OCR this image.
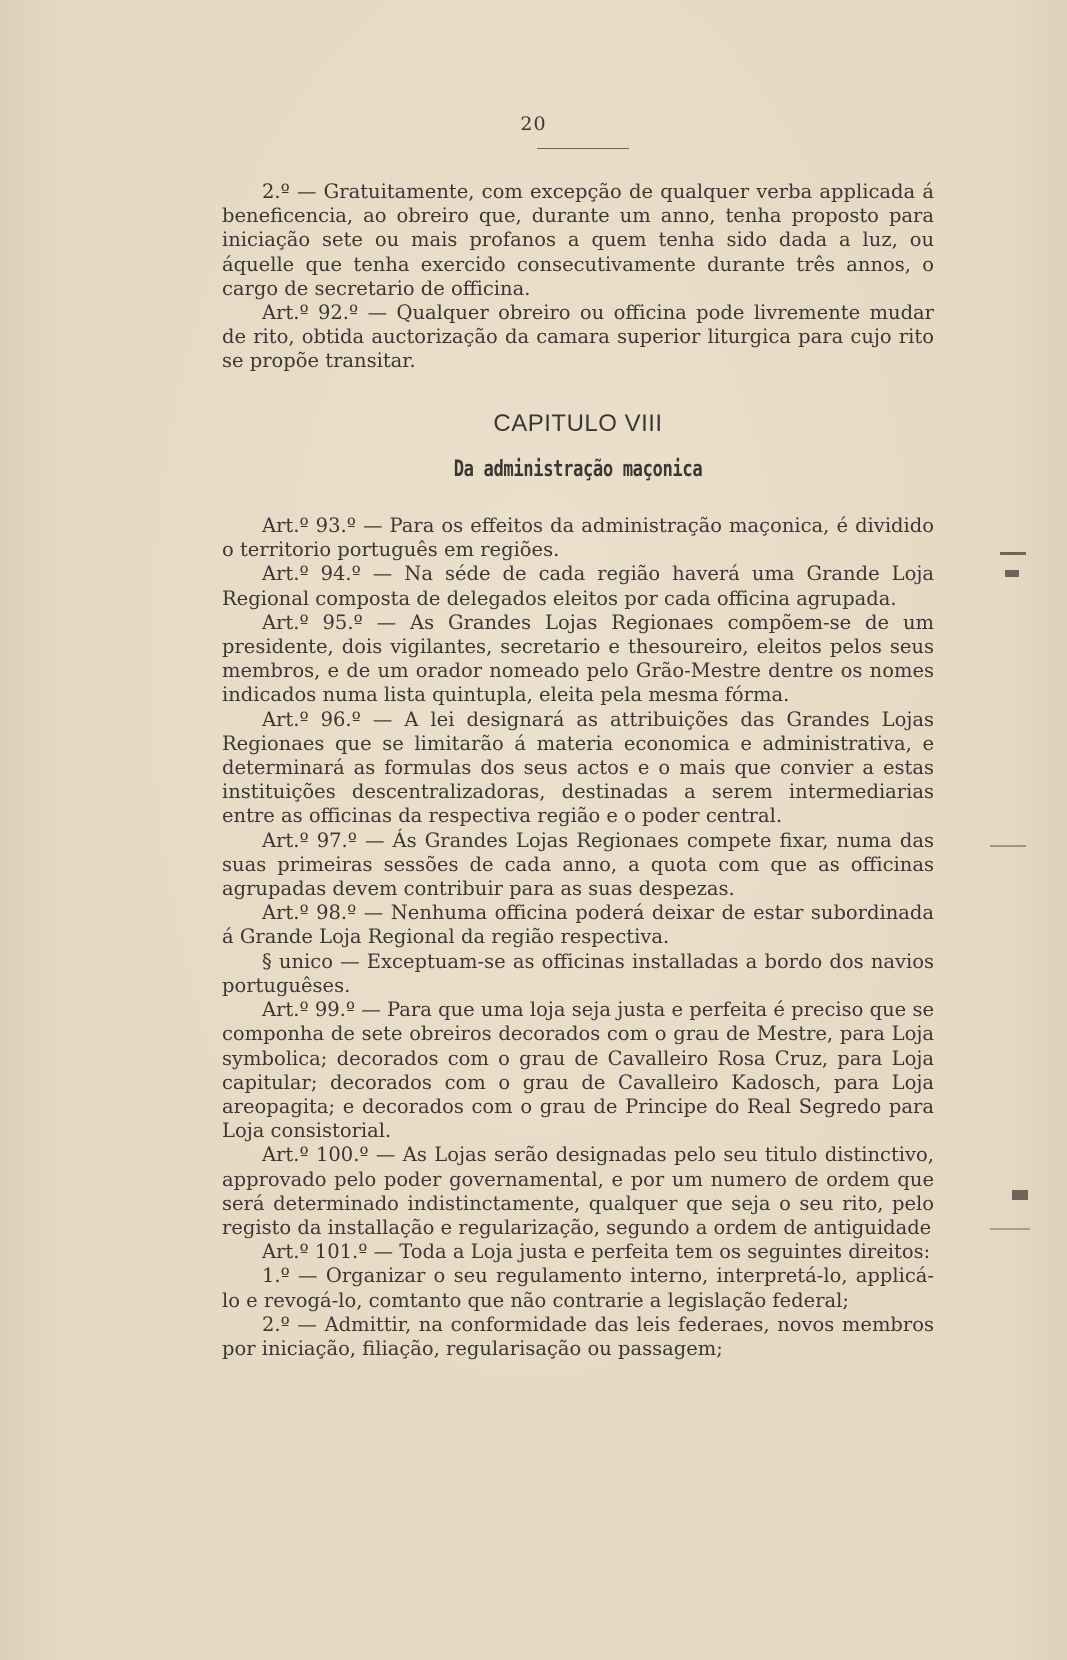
20

2.º — Gratuitamente, com excepção de qualquer verba applicada á beneficencia, ao obreiro que, durante um anno, tenha proposto para iniciação sete ou mais profanos a quem tenha sido dada a luz, ou áquelle que tenha exercido consecutivamente durante três annos, o cargo de secretario de officina.

Art.º 92.º — Qualquer obreiro ou officina pode livremente mudar de rito, obtida auctorização da camara superior liturgica para cujo rito se propõe transitar.

CAPITULO VIII
Da administração maçonica

Art.º 93.º — Para os effeitos da administração maçonica, é dividido o territorio português em regiões.

Art.º 94.º — Na séde de cada região haverá uma Grande Loja Regional composta de delegados eleitos por cada officina agrupada.

Art.º 95.º — As Grandes Lojas Regionaes compõem-se de um presidente, dois vigilantes, secretario e thesoureiro, eleitos pelos seus membros, e de um orador nomeado pelo Grão-Mestre dentre os nomes indicados numa lista quintupla, eleita pela mesma fórma.

Art.º 96.º — A lei designará as attribuições das Grandes Lojas Regionaes que se limitarão á materia economica e administrativa, e determinará as formulas dos seus actos e o mais que convier a estas instituições descentralizadoras, destinadas a serem intermediarias entre as officinas da respectiva região e o poder central.

Art.º 97.º — Ás Grandes Lojas Regionaes compete fixar, numa das suas primeiras sessões de cada anno, a quota com que as officinas agrupadas devem contribuir para as suas despezas.

Art.º 98.º — Nenhuma officina poderá deixar de estar subordinada á Grande Loja Regional da região respectiva.

§ unico — Exceptuam-se as officinas installadas a bordo dos navios portuguêses.

Art.º 99.º — Para que uma loja seja justa e perfeita é preciso que se componha de sete obreiros decorados com o grau de Mestre, para Loja symbolica; decorados com o grau de Cavalleiro Rosa Cruz, para Loja capitular; decorados com o grau de Cavalleiro Kadosch, para Loja areopagita; e decorados com o grau de Principe do Real Segredo para Loja consistorial.

Art.º 100.º — As Lojas serão designadas pelo seu titulo distinctivo, approvado pelo poder governamental, e por um numero de ordem que será determinado indistinctamente, qualquer que seja o seu rito, pelo registo da installação e regularização, segundo a ordem de antiguidade

Art.º 101.º — Toda a Loja justa e perfeita tem os seguintes direitos:

1.º — Organizar o seu regulamento interno, interpretá-lo, applicá-lo e revogá-lo, comtanto que não contrarie a legislação federal;

2.º — Admittir, na conformidade das leis federaes, novos membros por iniciação, filiação, regularisação ou passagem;
